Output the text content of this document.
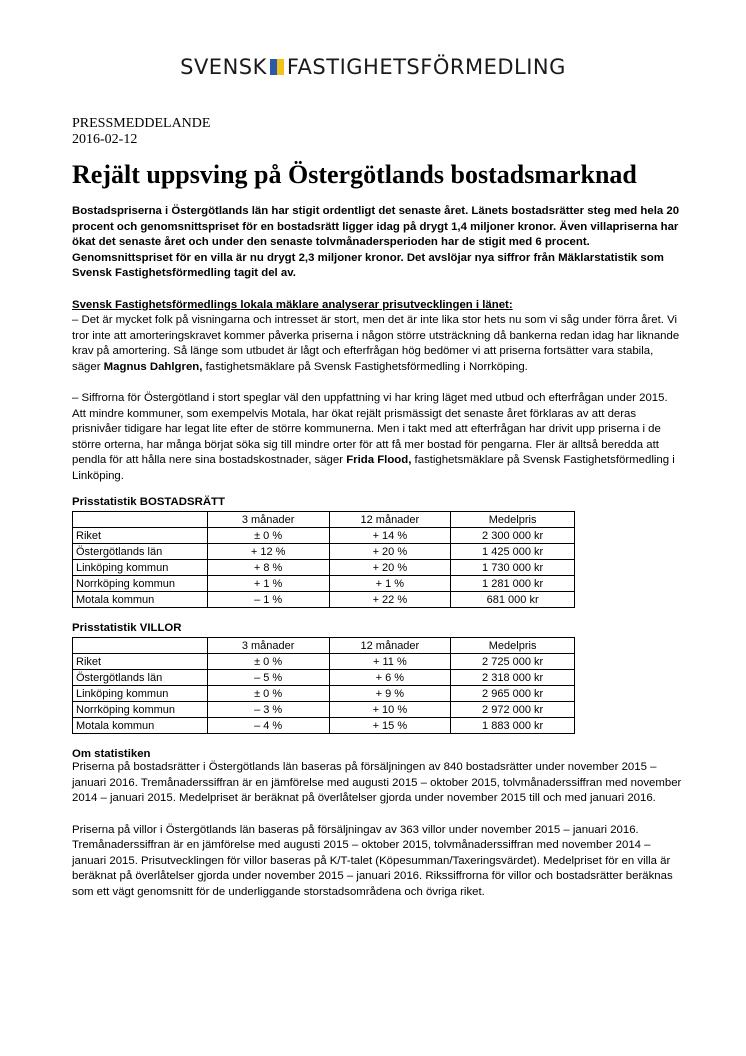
SVENSK FASTIGHETSFÖRMEDLING
PRESSMEDDELANDE
2016-02-12
Rejält uppsving på Östergötlands bostadsmarknad

Bostadspriserna i Östergötlands län har stigit ordentligt det senaste året. Länets bostadsrätter steg med hela 20 procent och genomsnittspriset för en bostadsrätt ligger idag på drygt 1,4 miljoner kronor. Även villapriserna har ökat det senaste året och under den senaste tolvmånadersperioden har de stigit med 6 procent. Genomsnittspriset för en villa är nu drygt 2,3 miljoner kronor. Det avslöjar nya siffror från Mäklarstatistik som Svensk Fastighetsförmedling tagit del av.

Svensk Fastighetsförmedlings lokala mäklare analyserar prisutvecklingen i länet:
– Det är mycket folk på visningarna och intresset är stort, men det är inte lika stor hets nu som vi såg under förra året. Vi tror inte att amorteringskravet kommer påverka priserna i någon större utsträckning då bankerna redan idag har liknande krav på amortering. Så länge som utbudet är lågt och efterfrågan hög bedömer vi att priserna fortsätter vara stabila, säger Magnus Dahlgren, fastighetsmäklare på Svensk Fastighetsförmedling i Norrköping.

– Siffrorna för Östergötland i stort speglar väl den uppfattning vi har kring läget med utbud och efterfrågan under 2015. Att mindre kommuner, som exempelvis Motala, har ökat rejält prismässigt det senaste året förklaras av att deras prisnivåer tidigare har legat lite efter de större kommunerna. Men i takt med att efterfrågan har drivit upp priserna i de större orterna, har många börjat söka sig till mindre orter för att få mer bostad för pengarna. Fler är alltså beredda att pendla för att hålla nere sina bostadskostnader, säger Frida Flood, fastighetsmäklare på Svensk Fastighetsförmedling i Linköping.

Prisstatistik BOSTADSRÄTT
	3 månader	12 månader	Medelpris
Riket	± 0 %	+ 14 %	2 300 000 kr
Östergötlands län	+ 12 %	+ 20 %	1 425 000 kr
Linköping kommun	+ 8 %	+ 20 %	1 730 000 kr
Norrköping kommun	+ 1 %	+ 1 %	1 281 000 kr
Motala kommun	– 1 %	+ 22 %	681 000 kr
Prisstatistik VILLOR
	3 månader	12 månader	Medelpris
Riket	± 0 %	+ 11 %	2 725 000 kr
Östergötlands län	– 5 %	+ 6 %	2 318 000 kr
Linköping kommun	± 0 %	+ 9 %	2 965 000 kr
Norrköping kommun	– 3 %	+ 10 %	2 972 000 kr
Motala kommun	– 4 %	+ 15 %	1 883 000 kr
Om statistiken

Priserna på bostadsrätter i Östergötlands län baseras på försäljningen av 840 bostadsrätter under november 2015 – januari 2016. Tremånaderssiffran är en jämförelse med augusti 2015 – oktober 2015, tolvmånaderssiffran med november 2014 – januari 2015. Medelpriset är beräknat på överlåtelser gjorda under november 2015 till och med januari 2016.

Priserna på villor i Östergötlands län baseras på försäljningav av 363 villor under november 2015 – januari 2016. Tremånaderssiffran är en jämförelse med augusti 2015 – oktober 2015, tolvmånaderssiffran med november 2014 – januari 2015. Prisutvecklingen för villor baseras på K/T-talet (Köpesumman/Taxeringsvärdet). Medelpriset för en villa är beräknat på överlåtelser gjorda under november 2015 – januari 2016. Rikssiffrorna för villor och bostadsrätter beräknas som ett vägt genomsnitt för de underliggande storstadsområdena och övriga riket.
